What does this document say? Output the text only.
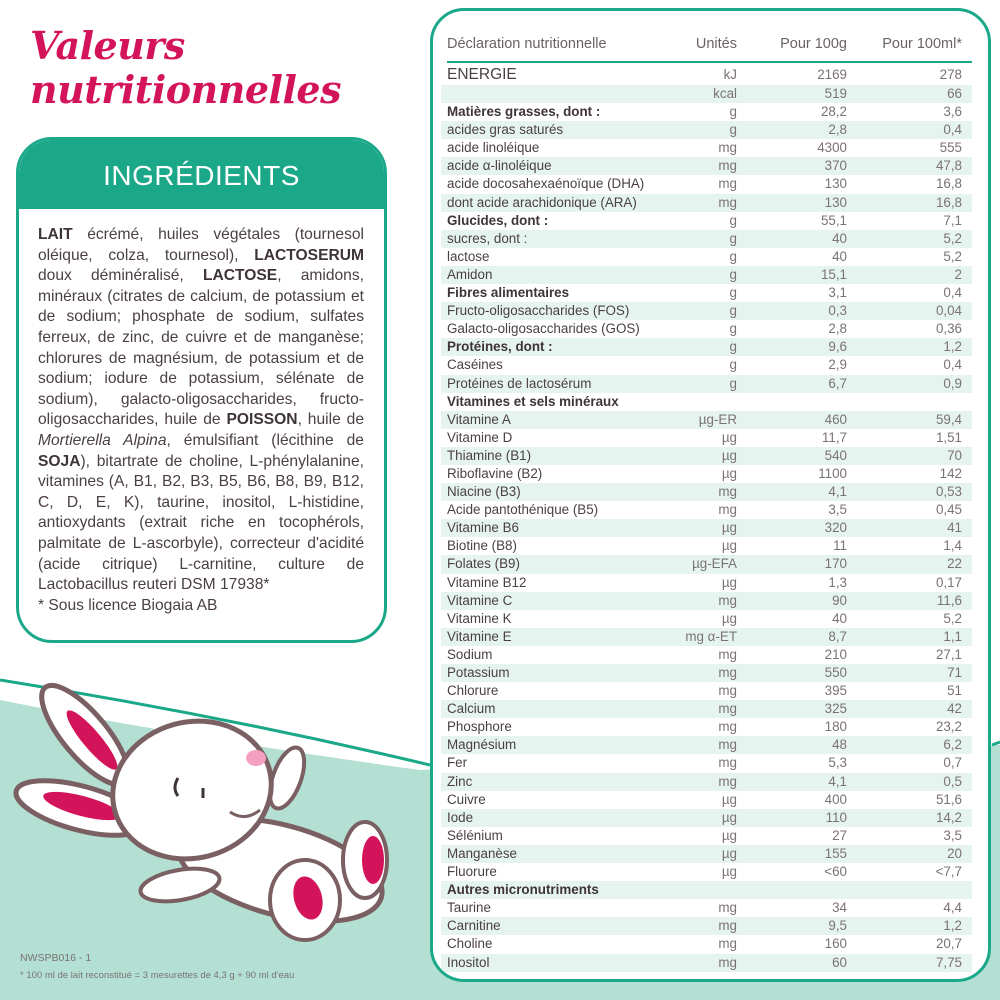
Valeurs
nutritionnelles
INGRÉDIENTS
LAIT écrémé, huiles végétales (tournesol oléique, colza, tournesol), LACTOSERUM doux déminéralisé, LACTOSE, amidons, minéraux (citrates de calcium, de potassium et de sodium; phosphate de sodium, sulfates ferreux, de zinc, de cuivre et de manganèse; chlorures de magnésium, de potassium et de sodium; iodure de potassium, sélénate de sodium), galacto-oligosaccharides, fructo-oligosaccharides, huile de POISSON, huile de Mortierella Alpina, émulsifiant (lécithine de SOJA), bitartrate de choline, L-phénylalanine, vitamines (A, B1, B2, B3, B5, B6, B8, B9, B12, C, D, E, K), taurine, inositol, L-histidine, antioxydants (extrait riche en tocophérols, palmitate de L-ascorbyle), correcteur d'acidité (acide citrique) L-carnitine, culture de Lactobacillus reuteri DSM 17938*
* Sous licence Biogaia AB
Déclaration nutritionnelle	Unités	Pour 100g	Pour 100ml*
ENERGIE	kJ	2169	278
kcal	519	66
Matières grasses, dont :	g	28,2	3,6
acides gras saturés	g	2,8	0,4
acide linoléique	mg	4300	555
acide α-linoléique	mg	370	47,8
acide docosahexaénoïque (DHA)	mg	130	16,8
dont acide arachidonique (ARA)	mg	130	16,8
Glucides, dont :	g	55,1	7,1
sucres, dont :	g	40	5,2
lactose	g	40	5,2
Amidon	g	15,1	2
Fibres alimentaires	g	3,1	0,4
Fructo-oligosaccharides (FOS)	g	0,3	0,04
Galacto-oligosaccharides (GOS)	g	2,8	0,36
Protéines, dont :	g	9,6	1,2
Caséines	g	2,9	0,4
Protéines de lactosérum	g	6,7	0,9
Vitamines et sels minéraux
Vitamine A	µg-ER	460	59,4
Vitamine D	µg	11,7	1,51
Thiamine (B1)	µg	540	70
Riboflavine (B2)	µg	1100	142
Niacine (B3)	mg	4,1	0,53
Acide pantothénique (B5)	mg	3,5	0,45
Vitamine B6	µg	320	41
Biotine (B8)	µg	11	1,4
Folates (B9)	µg-EFA	170	22
Vitamine B12	µg	1,3	0,17
Vitamine C	mg	90	11,6
Vitamine K	µg	40	5,2
Vitamine E	mg α-ET	8,7	1,1
Sodium	mg	210	27,1
Potassium	mg	550	71
Chlorure	mg	395	51
Calcium	mg	325	42
Phosphore	mg	180	23,2
Magnésium	mg	48	6,2
Fer	mg	5,3	0,7
Zinc	mg	4,1	0,5
Cuivre	µg	400	51,6
Iode	µg	110	14,2
Sélénium	µg	27	3,5
Manganèse	µg	155	20
Fluorure	µg	<60	<7,7
Autres micronutriments
Taurine	mg	34	4,4
Carnitine	mg	9,5	1,2
Choline	mg	160	20,7
Inositol	mg	60	7,75
NWSPB016 - 1
* 100 ml de lait reconstitué = 3 mesurettes de 4,3 g + 90 ml d'eau
